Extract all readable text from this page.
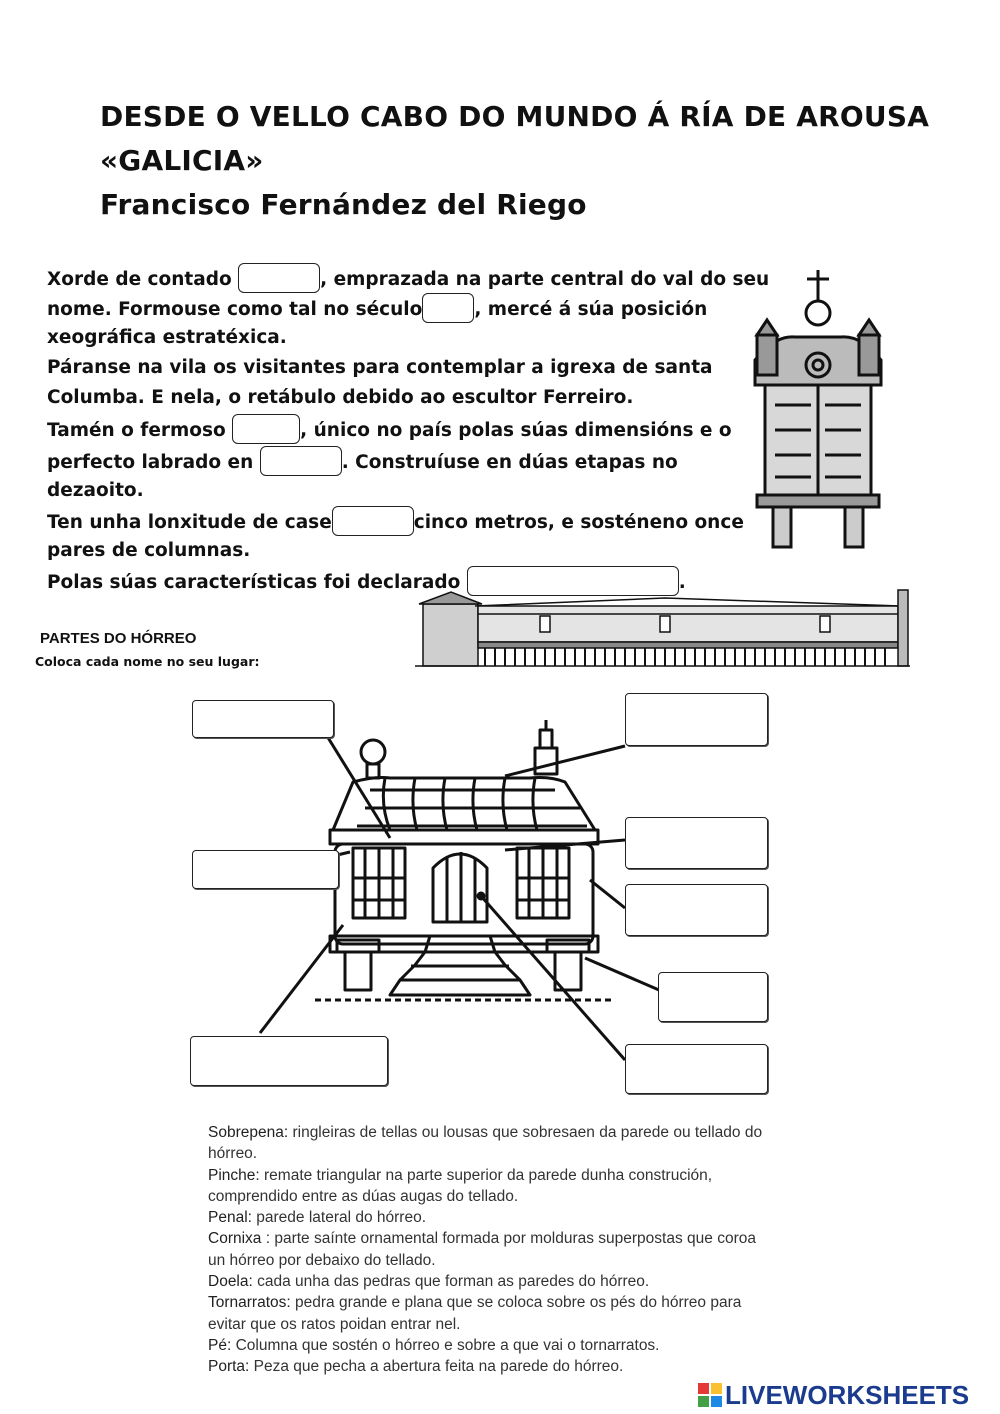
DESDE O VELLO CABO DO MUNDO Á RÍA DE AROUSA
«GALICIA»
Francisco Fernández del Riego
Xorde de contado	, emprazada na parte central do val do seu
nome. Formouse como tal no século	, mercé á súa posición
xeográfica estratéxica.
Páranse na vila os visitantes para contemplar a igrexa de santa
Columba. E nela, o retábulo debido ao escultor Ferreiro.
Tamén o fermoso	, único no país polas súas dimensións e o
perfecto labrado en	. Construíuse en dúas etapas no
dezaoito.
Ten unha lonxitude de case	cinco metros, e sosténeno once
pares de columnas.
Polas súas características foi declarado	.
PARTES DO HÓRREO
Coloca cada nome no seu lugar:

Sobrepena: ringleiras de tellas ou lousas que sobresaen da parede ou tellado do hórreo.

Pinche: remate triangular na parte superior da parede dunha construción, comprendido entre as dúas augas do tellado.

Penal: parede lateral do hórreo.

Cornixa : parte saínte ornamental formada por molduras superpostas que coroa un hórreo por debaixo do tellado.

Doela: cada unha das pedras que forman as paredes do hórreo.

Tornarratos: pedra grande e plana que se coloca sobre os pés do hórreo para evitar que os ratos poidan entrar nel.

Pé: Columna que sostén o hórreo e sobre a que vai o tornarratos.

Porta: Peza que pecha a abertura feita na parede do hórreo.

LIVEWORKSHEETS
